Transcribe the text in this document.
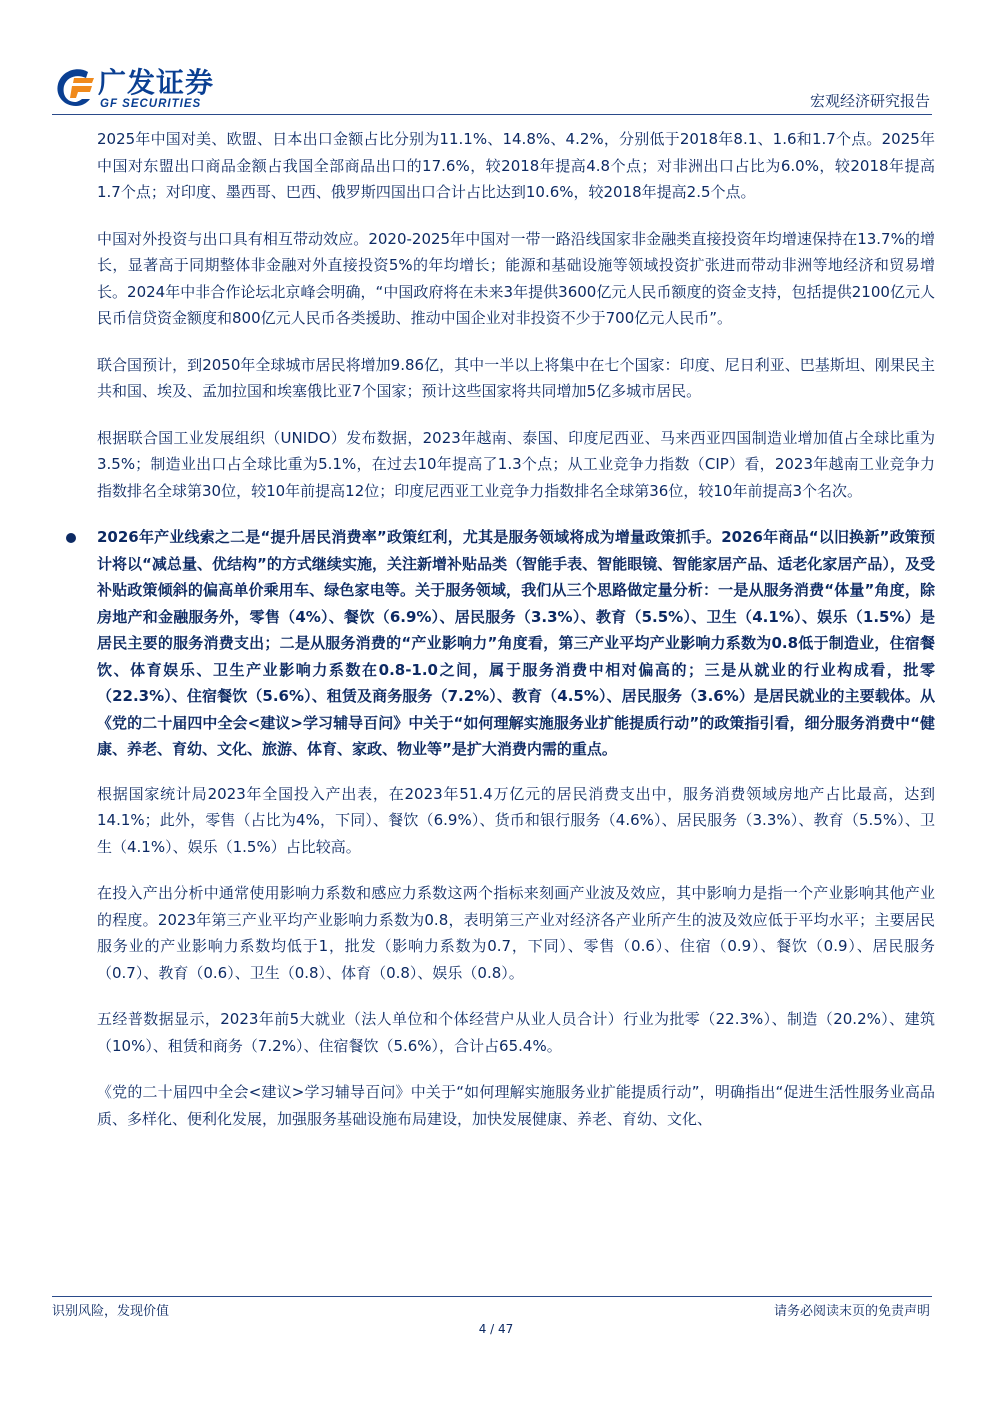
广发证券
GF SECURITIES	宏观经济研究报告

2025年中国对美、欧盟、日本出口金额占比分别为11.1%、14.8%、4.2%，分别低于2018年8.1、1.6和1.7个点。2025年中国对东盟出口商品金额占我国全部商品出口的17.6%，较2018年提高4.8个点；对非洲出口占比为6.0%，较2018年提高1.7个点；对印度、墨西哥、巴西、俄罗斯四国出口合计占比达到10.6%，较2018年提高2.5个点。

中国对外投资与出口具有相互带动效应。2020-2025年中国对一带一路沿线国家非金融类直接投资年均增速保持在13.7%的增长，显著高于同期整体非金融对外直接投资5%的年均增长；能源和基础设施等领域投资扩张进而带动非洲等地经济和贸易增长。2024年中非合作论坛北京峰会明确，“中国政府将在未来3年提供3600亿元人民币额度的资金支持，包括提供2100亿元人民币信贷资金额度和800亿元人民币各类援助、推动中国企业对非投资不少于700亿元人民币”。

联合国预计，到2050年全球城市居民将增加9.86亿，其中一半以上将集中在七个国家：印度、尼日利亚、巴基斯坦、刚果民主共和国、埃及、孟加拉国和埃塞俄比亚7个国家；预计这些国家将共同增加5亿多城市居民。

根据联合国工业发展组织（UNIDO）发布数据，2023年越南、泰国、印度尼西亚、马来西亚四国制造业增加值占全球比重为3.5%；制造业出口占全球比重为5.1%，在过去10年提高了1.3个点；从工业竞争力指数（CIP）看，2023年越南工业竞争力指数排名全球第30位，较10年前提高12位；印度尼西亚工业竞争力指数排名全球第36位，较10年前提高3个名次。

2026年产业线索之二是“提升居民消费率”政策红利，尤其是服务领域将成为增量政策抓手。2026年商品“以旧换新”政策预计将以“减总量、优结构”的方式继续实施，关注新增补贴品类（智能手表、智能眼镜、智能家居产品、适老化家居产品），及受补贴政策倾斜的偏高单价乘用车、绿色家电等。关于服务领域，我们从三个思路做定量分析：一是从服务消费“体量”角度，除房地产和金融服务外，零售（4%）、餐饮（6.9%）、居民服务（3.3%）、教育（5.5%）、卫生（4.1%）、娱乐（1.5%）是居民主要的服务消费支出；二是从服务消费的“产业影响力”角度看，第三产业平均产业影响力系数为0.8低于制造业，住宿餐饮、体育娱乐、卫生产业影响力系数在0.8-1.0之间，属于服务消费中相对偏高的；三是从就业的行业构成看，批零（22.3%）、住宿餐饮（5.6%）、租赁及商务服务（7.2%）、教育（4.5%）、居民服务（3.6%）是居民就业的主要载体。从《党的二十届四中全会<建议>学习辅导百问》中关于“如何理解实施服务业扩能提质行动”的政策指引看，细分服务消费中“健康、养老、育幼、文化、旅游、体育、家政、物业等”是扩大消费内需的重点。

根据国家统计局2023年全国投入产出表，在2023年51.4万亿元的居民消费支出中，服务消费领域房地产占比最高，达到14.1%；此外，零售（占比为4%，下同）、餐饮（6.9%）、货币和银行服务（4.6%）、居民服务（3.3%）、教育（5.5%）、卫生（4.1%）、娱乐（1.5%）占比较高。

在投入产出分析中通常使用影响力系数和感应力系数这两个指标来刻画产业波及效应，其中影响力是指一个产业影响其他产业的程度。2023年第三产业平均产业影响力系数为0.8，表明第三产业对经济各产业所产生的波及效应低于平均水平；主要居民服务业的产业影响力系数均低于1，批发（影响力系数为0.7，下同）、零售（0.6）、住宿（0.9）、餐饮（0.9）、居民服务（0.7）、教育（0.6）、卫生（0.8）、体育（0.8）、娱乐（0.8）。

五经普数据显示，2023年前5大就业（法人单位和个体经营户从业人员合计）行业为批零（22.3%）、制造（20.2%）、建筑（10%）、租赁和商务（7.2%）、住宿餐饮（5.6%），合计占65.4%。

《党的二十届四中全会<建议>学习辅导百问》中关于“如何理解实施服务业扩能提质行动”，明确指出“促进生活性服务业高品质、多样化、便利化发展，加强服务基础设施布局建设，加快发展健康、养老、育幼、文化、

识别风险，发现价值	请务必阅读末页的免责声明
4 / 47
